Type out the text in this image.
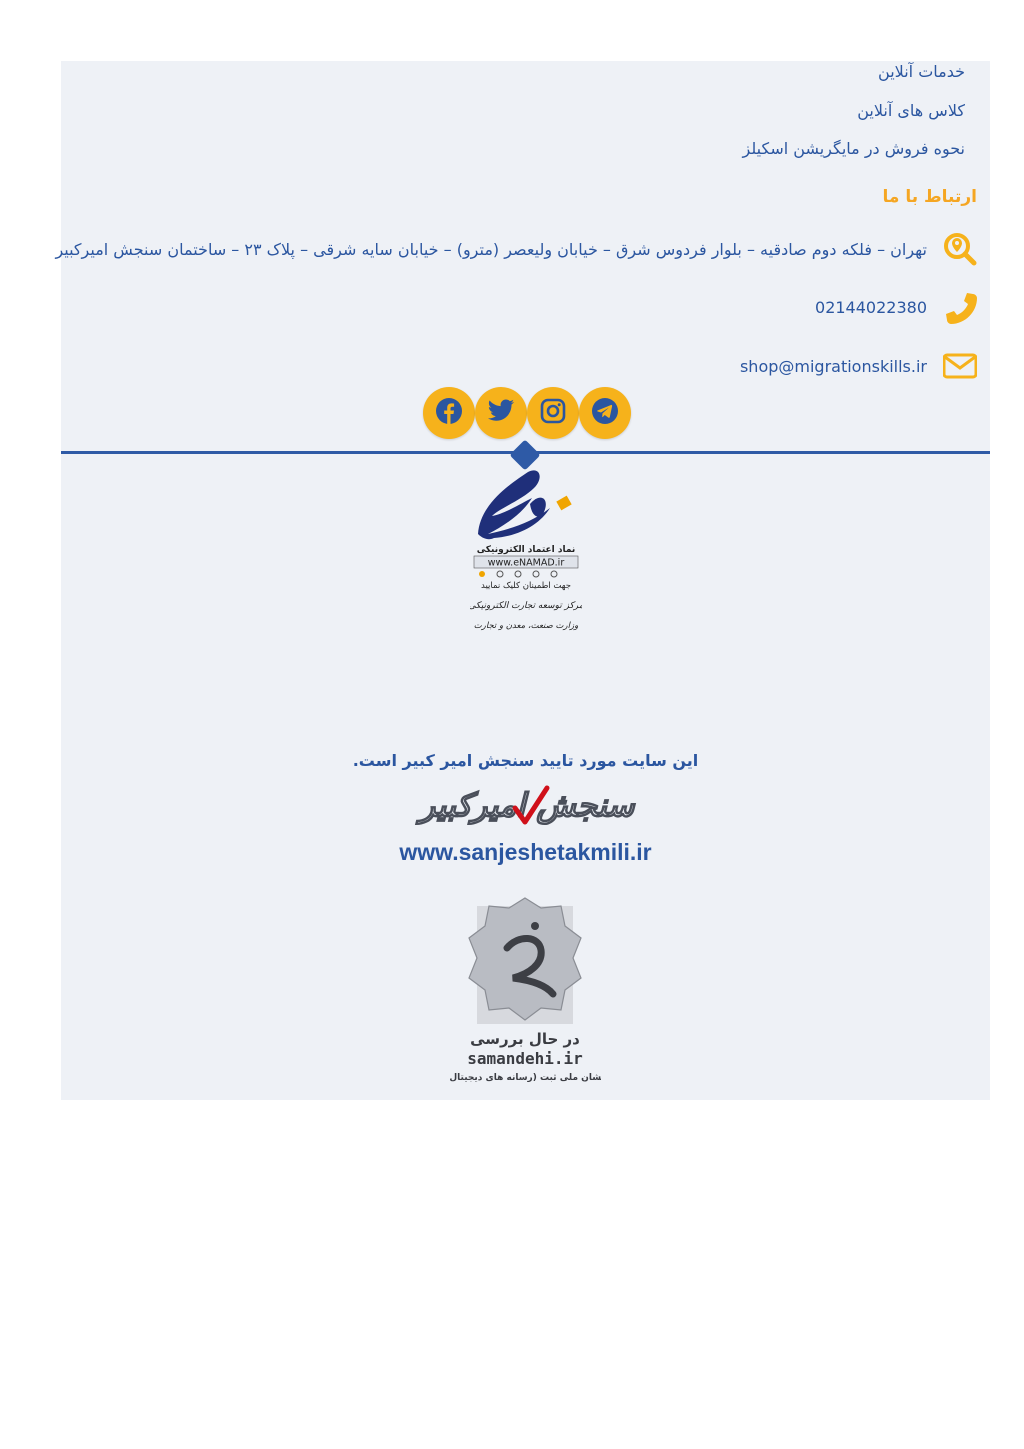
خدمات آنلاین
کلاس های آنلاین
نحوه فروش در مایگریشن اسکیلز
ارتباط با ما
تهران – فلکه دوم صادقیه – بلوار فردوس شرق – خیابان ولیعصر (مترو) – خیابان سایه شرقی – پلاک ۲۳ – ساختمان سنجش امیرکبیر
02144022380
shop@migrationskills.ir
نماد اعتماد الکترونیکی
www.eNAMAD.ir
جهت اطمینان کلیک نمایید
مرکز توسعه تجارت الکترونیکی
وزارت صنعت، معدن و تجارت
این سایت مورد تایید سنجش امیر کبیر است.
سنجش امیرکبیر
www.sanjeshetakmili.ir
در حال بررسی
samandehi.ir
نشان ملی ثبت (رسانه های دیجیتال)
